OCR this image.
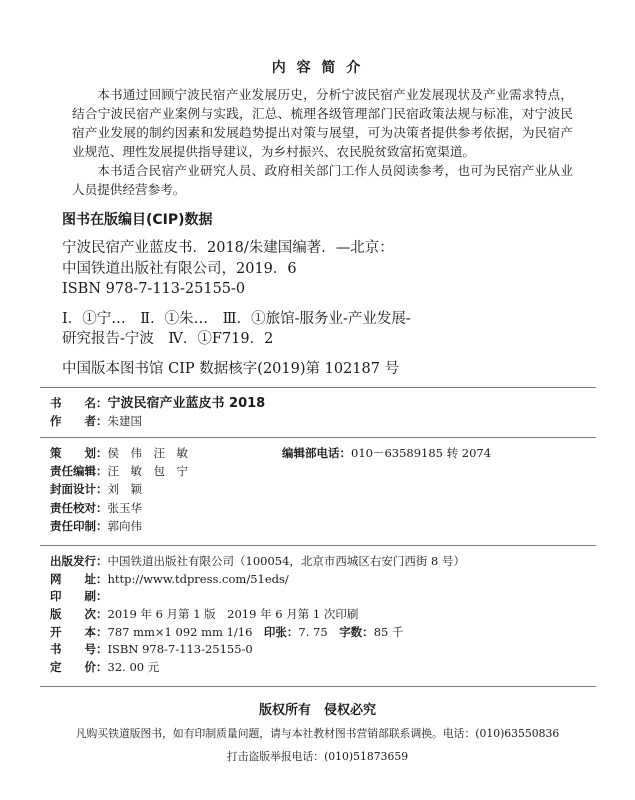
内 容 简 介

本书通过回顾宁波民宿产业发展历史，分析宁波民宿产业发展现状及产业需求特点，
结合宁波民宿产业案例与实践，汇总、梳理各级管理部门民宿政策法规与标准，对宁波民
宿产业发展的制约因素和发展趋势提出对策与展望，可为决策者提供参考依据，为民宿产
业规范、理性发展提供指导建议，为乡村振兴、农民脱贫致富拓宽渠道。

本书适合民宿产业研究人员、政府相关部门工作人员阅读参考，也可为民宿产业从业
人员提供经营参考。

图书在版编目(CIP)数据
宁波民宿产业蓝皮书．2018/朱建国编著．—北京：
中国铁道出版社有限公司，2019．6
ISBN 978-7-113-25155-0
Ⅰ．①宁…　Ⅱ．①朱…　Ⅲ．①旅馆-服务业-产业发展-
研究报告-宁波　Ⅳ．①F719．2
中国版本图书馆 CIP 数据核字(2019)第 102187 号
书　　名：宁波民宿产业蓝皮书 2018
作　　者：朱建国
策　　划：侯　伟　汪　敏	编辑部电话：010－63589185 转 2074
责任编辑：汪　敏　包　宁
封面设计：刘　颖
责任校对：张玉华
责任印制：郭向伟
出版发行：中国铁道出版社有限公司（100054，北京市西城区右安门西街 8 号）
网　　址：http://www.tdpress.com/51eds/
印　　刷：
版　　次：2019 年 6 月第 1 版　2019 年 6 月第 1 次印刷
开　　本：787 mm×1 092 mm 1/16 印张：7. 75 字数：85 千
书　　号：ISBN 978-7-113-25155-0
定　　价：32. 00 元
版权所有　侵权必究
凡购买铁道版图书，如有印制质量问题，请与本社教材图书营销部联系调换。电话：(010)63550836
打击盗版举报电话：(010)51873659
